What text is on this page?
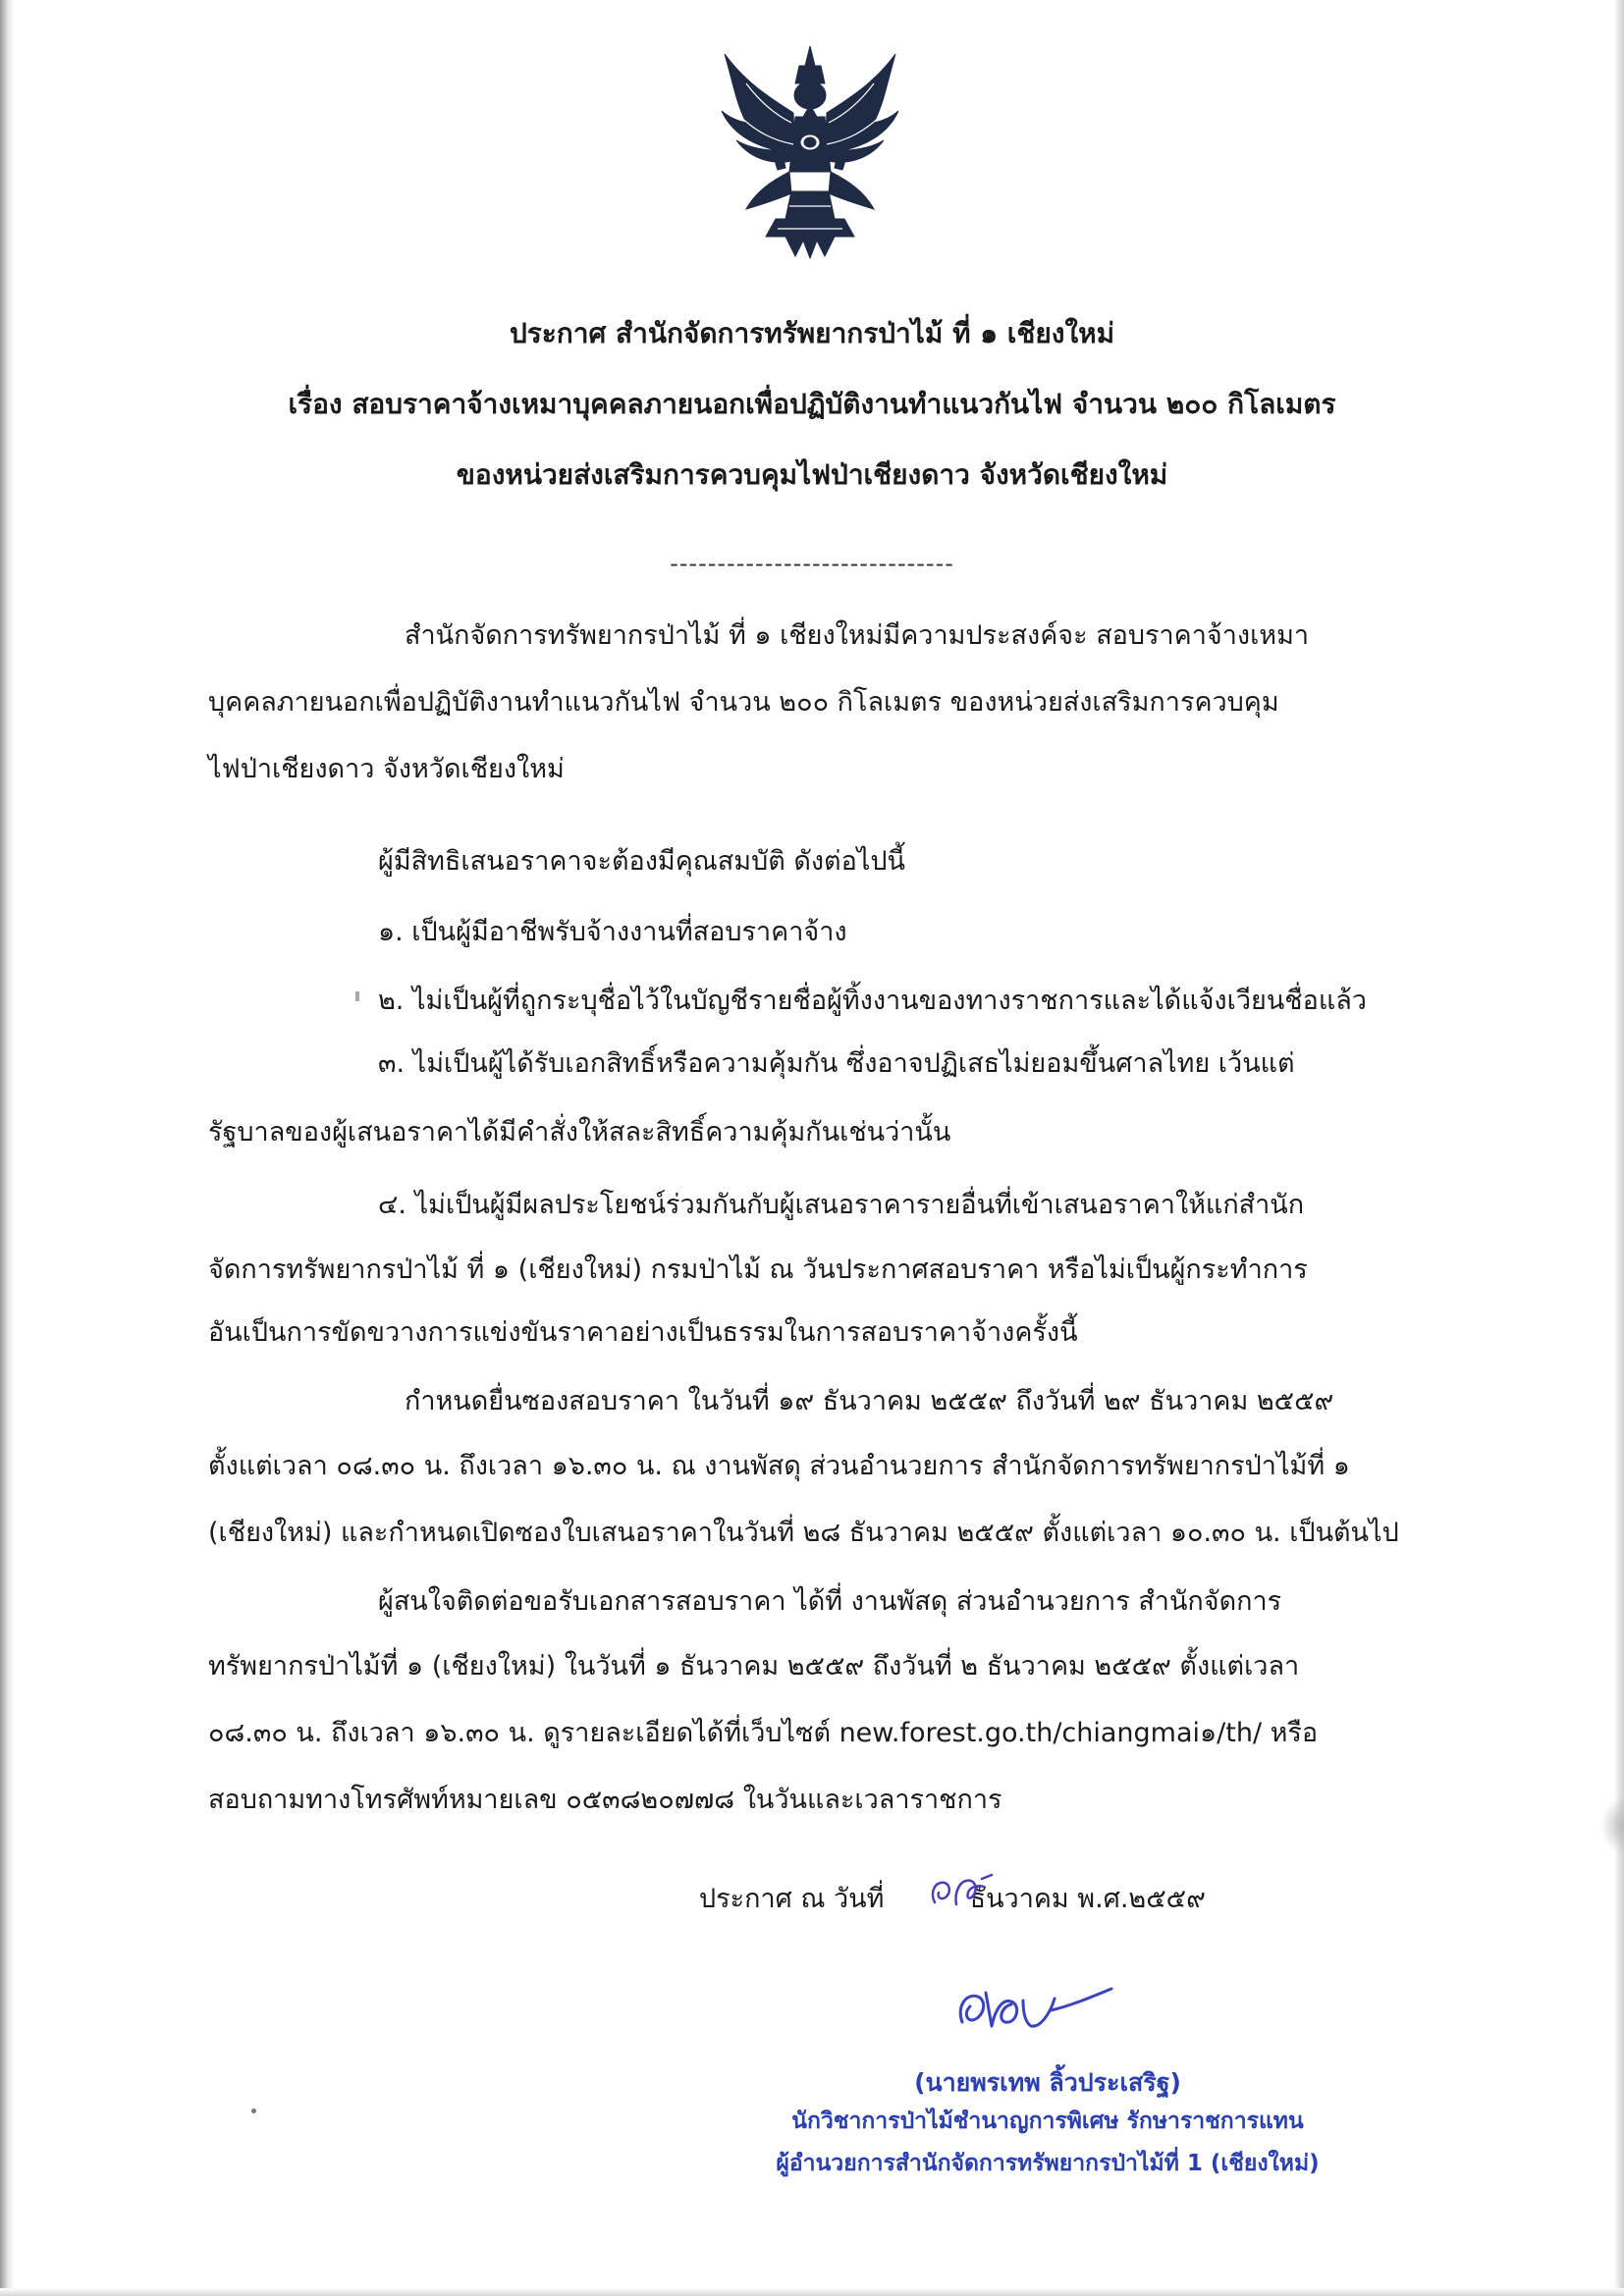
ประกาศ สำนักจัดการทรัพยากรป่าไม้ ที่ ๑ เชียงใหม่
เรื่อง สอบราคาจ้างเหมาบุคคลภายนอกเพื่อปฏิบัติงานทำแนวกันไฟ จำนวน ๒๐๐ กิโลเมตร
ของหน่วยส่งเสริมการควบคุมไฟป่าเชียงดาว จังหวัดเชียงใหม่
------------------------------
สำนักจัดการทรัพยากรป่าไม้ ที่ ๑ เชียงใหม่มีความประสงค์จะ สอบราคาจ้างเหมา
บุคคลภายนอกเพื่อปฏิบัติงานทำแนวกันไฟ จำนวน ๒๐๐ กิโลเมตร ของหน่วยส่งเสริมการควบคุม
ไฟป่าเชียงดาว จังหวัดเชียงใหม่
ผู้มีสิทธิเสนอราคาจะต้องมีคุณสมบัติ ดังต่อไปนี้
๑. เป็นผู้มีอาชีพรับจ้างงานที่สอบราคาจ้าง
๒. ไม่เป็นผู้ที่ถูกระบุชื่อไว้ในบัญชีรายชื่อผู้ทิ้งงานของทางราชการและได้แจ้งเวียนชื่อแล้ว
๓. ไม่เป็นผู้ได้รับเอกสิทธิ์หรือความคุ้มกัน ซึ่งอาจปฏิเสธไม่ยอมขึ้นศาลไทย เว้นแต่
รัฐบาลของผู้เสนอราคาได้มีคำสั่งให้สละสิทธิ์ความคุ้มกันเช่นว่านั้น
๔. ไม่เป็นผู้มีผลประโยชน์ร่วมกันกับผู้เสนอราคารายอื่นที่เข้าเสนอราคาให้แก่สำนัก
จัดการทรัพยากรป่าไม้ ที่ ๑ (เชียงใหม่) กรมป่าไม้ ณ วันประกาศสอบราคา หรือไม่เป็นผู้กระทำการ
อันเป็นการขัดขวางการแข่งขันราคาอย่างเป็นธรรมในการสอบราคาจ้างครั้งนี้
กำหนดยื่นซองสอบราคา ในวันที่ ๑๙ ธันวาคม ๒๕๕๙ ถึงวันที่ ๒๙ ธันวาคม ๒๕๕๙
ตั้งแต่เวลา ๐๘.๓๐ น. ถึงเวลา ๑๖.๓๐ น. ณ งานพัสดุ ส่วนอำนวยการ สำนักจัดการทรัพยากรป่าไม้ที่ ๑
(เชียงใหม่) และกำหนดเปิดซองใบเสนอราคาในวันที่ ๒๘ ธันวาคม ๒๕๕๙ ตั้งแต่เวลา ๑๐.๓๐ น. เป็นต้นไป
ผู้สนใจติดต่อขอรับเอกสารสอบราคา ได้ที่ งานพัสดุ ส่วนอำนวยการ สำนักจัดการ
ทรัพยากรป่าไม้ที่ ๑ (เชียงใหม่) ในวันที่ ๑ ธันวาคม ๒๕๕๙ ถึงวันที่ ๒ ธันวาคม ๒๕๕๙ ตั้งแต่เวลา
๐๘.๓๐ น. ถึงเวลา ๑๖.๓๐ น. ดูรายละเอียดได้ที่เว็บไซต์ new.forest.go.th/chiangmai๑/th/ หรือ
สอบถามทางโทรศัพท์หมายเลข ๐๕๓๘๒๐๗๗๘ ในวันและเวลาราชการ
ประกาศ ณ วันที่	ธันวาคม พ.ศ.๒๕๕๙
(นายพรเทพ ลิ้วประเสริฐ)
นักวิชาการป่าไม้ชำนาญการพิเศษ รักษาราชการแทน
ผู้อำนวยการสำนักจัดการทรัพยากรป่าไม้ที่ 1 (เชียงใหม่)
